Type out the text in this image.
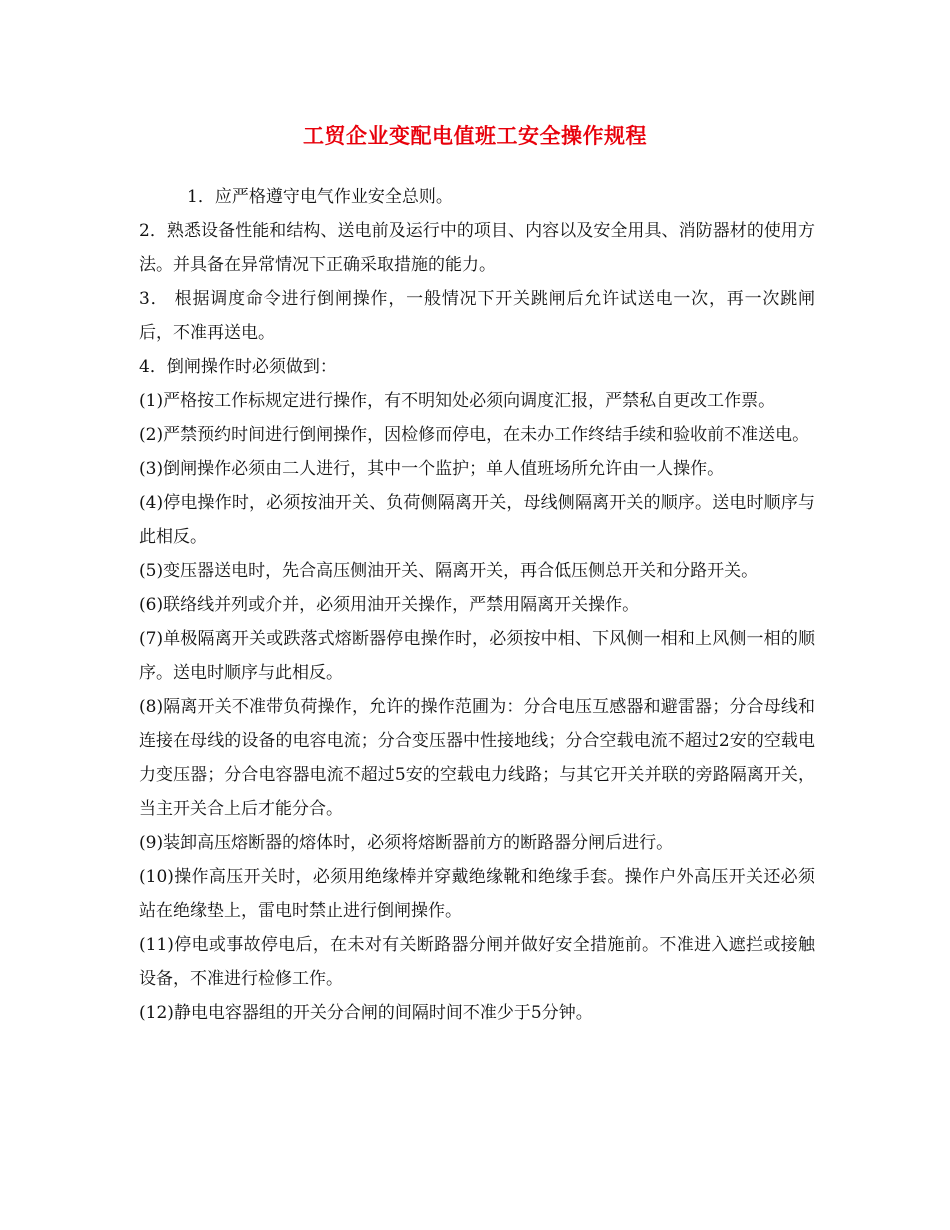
工贸企业变配电值班工安全操作规程

1．应严格遵守电气作业安全总则。

2．熟悉设备性能和结构、送电前及运行中的项目、内容以及安全用具、消防器材的使用方法。并具备在异常情况下正确采取措施的能力。

3． 根据调度命令进行倒闸操作，一般情况下开关跳闸后允许试送电一次，再一次跳闸后，不准再送电。

4．倒闸操作时必须做到：

(1)严格按工作标规定进行操作，有不明知处必须向调度汇报，严禁私自更改工作票。

(2)严禁预约时间进行倒闸操作，因检修而停电，在未办工作终结手续和验收前不准送电。

(3)倒闸操作必须由二人进行，其中一个监护；单人值班场所允许由一人操作。

(4)停电操作时，必须按油开关、负荷侧隔离开关，母线侧隔离开关的顺序。送电时顺序与此相反。

(5)变压器送电时，先合高压侧油开关、隔离开关，再合低压侧总开关和分路开关。

(6)联络线并列或介并，必须用油开关操作，严禁用隔离开关操作。

(7)单极隔离开关或跌落式熔断器停电操作时，必须按中相、下风侧一相和上风侧一相的顺序。送电时顺序与此相反。

(8)隔离开关不准带负荷操作，允许的操作范圃为：分合电压互感器和避雷器；分合母线和连接在母线的设备的电容电流；分合变压器中性接地线；分合空载电流不超过2安的空载电力变压器；分合电容器电流不超过5安的空载电力线路；与其它开关并联的旁路隔离开关，当主开关合上后才能分合。

(9)装卸高压熔断器的熔体时，必须将熔断器前方的断路器分闸后进行。

(10)操作高压开关时，必须用绝缘棒并穿戴绝缘靴和绝缘手套。操作户外高压开关还必须站在绝缘垫上，雷电时禁止进行倒闸操作。

(11)停电或事故停电后，在未对有关断路器分闸并做好安全措施前。不准进入遮拦或接触设备，不准进行检修工作。

(12)静电电容器组的开关分合闸的间隔时间不准少于5分钟。
